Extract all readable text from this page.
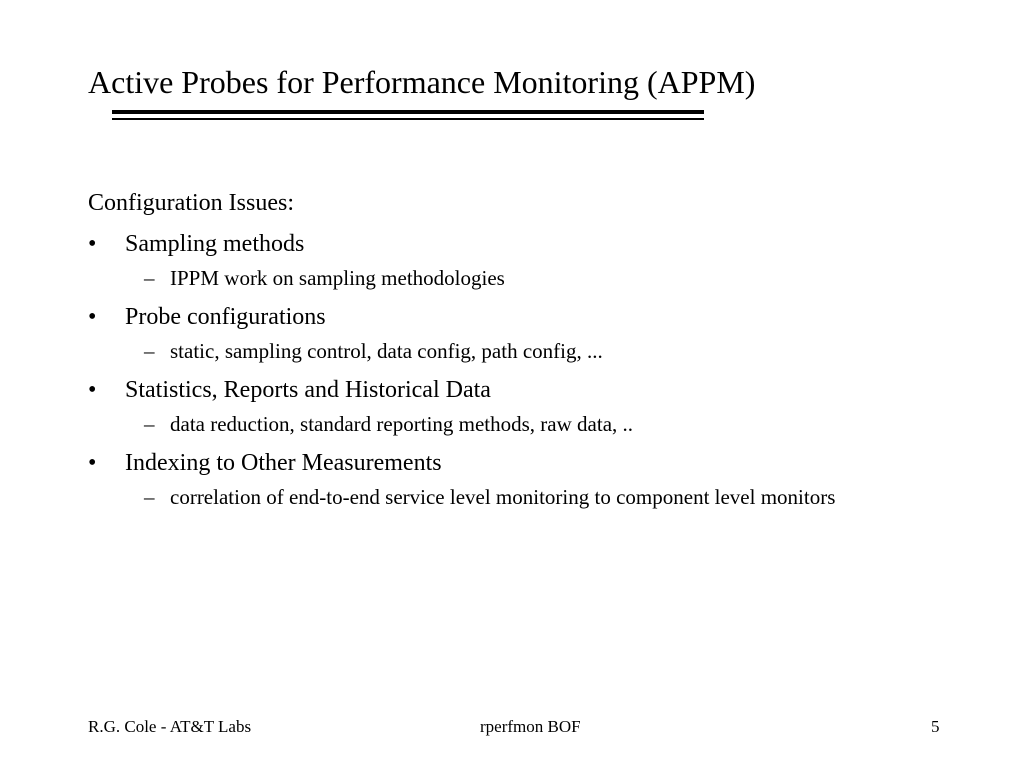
Active Probes for Performance Monitoring (APPM)

Configuration Issues:

• Sampling methods
– IPPM work on sampling methodologies
• Probe configurations
– static, sampling control, data config, path config, ...
• Statistics, Reports and Historical Data
– data reduction, standard reporting methods, raw data, ..
• Indexing to Other Measurements
– correlation of end-to-end service level monitoring to component level monitors
R.G. Cole - AT&T Labs	rperfmon BOF	5
